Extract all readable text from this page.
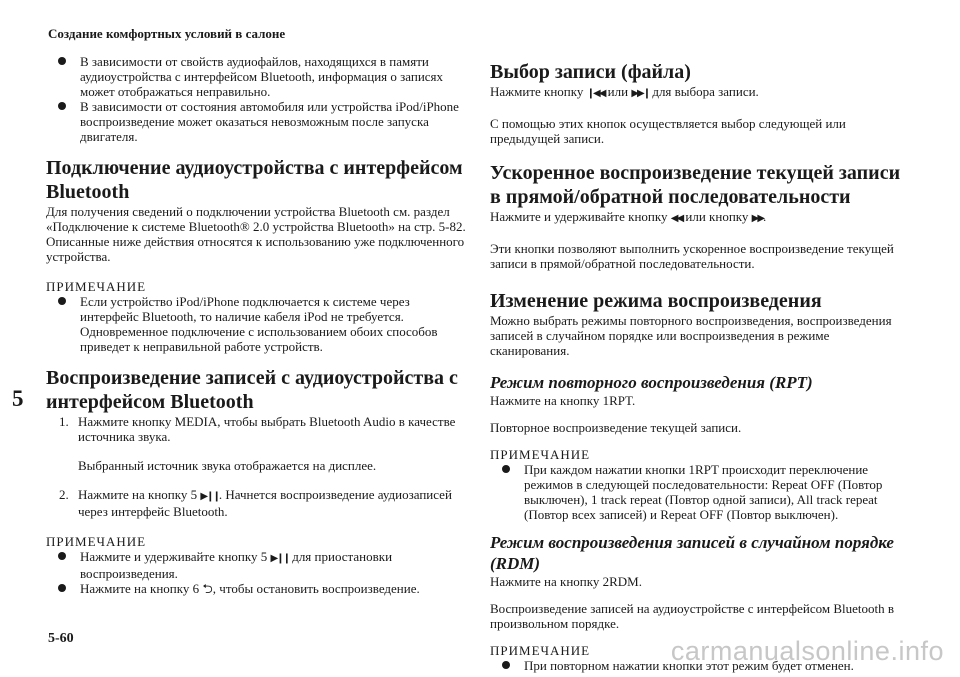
Создание комфортных условий в салоне
5
5-60	carmanualsonline.info

В зависимости от свойств аудиофайлов, находящихся в памяти аудиоустройства с интерфейсом Bluetooth, информация о записях может отображаться неправильно.

В зависимости от состояния автомобиля или устройства iPod/iPhone воспроизведение может оказаться невозможным после запуска двигателя.

Подключение аудиоустройства с интерфейсом Bluetooth

Для получения сведений о подключении устройства Bluetooth см. раздел «Подключение к системе Bluetooth® 2.0 устройства Bluetooth» на стр. 5-82.

Описанные ниже действия относятся к использованию уже подключенного устройства.

ПРИМЕЧАНИЕ

Если устройство iPod/iPhone подключается к системе через интерфейс Bluetooth, то наличие кабеля iPod не требуется. Одновременное подключение с использованием обоих способов приведет к неправильной работе устройств.

Воспроизведение записей с аудиоустройства с интерфейсом Bluetooth
1. Нажмите кнопку MEDIA, чтобы выбрать Bluetooth Audio в качестве источника звука.

Выбранный источник звука отображается на дисплее.

2. Нажмите на кнопку 5 ▶❙❙. Начнется воспроизведение аудиозаписей через интерфейс Bluetooth.

ПРИМЕЧАНИЕ

Нажмите и удерживайте кнопку 5 ▶❙❙ для приостановки воспроизведения.

Нажмите на кнопку 6 ⮌, чтобы остановить воспроизведение.

Выбор записи (файла)

Нажмите кнопку ❙◀◀ или ▶▶❙ для выбора записи.

С помощью этих кнопок осуществляется выбор следующей или предыдущей записи.

Ускоренное воспроизведение текущей записи в прямой/обратной последовательности

Нажмите и удерживайте кнопку ◀◀ или кнопку ▶▶.

Эти кнопки позволяют выполнить ускоренное воспроизведение текущей записи в прямой/обратной последовательности.

Изменение режима воспроизведения

Можно выбрать режимы повторного воспроизведения, воспроизведения записей в случайном порядке или воспроизведения в режиме сканирования.

Режим повторного воспроизведения (RPT)

Нажмите на кнопку 1RPT.

Повторное воспроизведение текущей записи.

ПРИМЕЧАНИЕ

При каждом нажатии кнопки 1RPT происходит переключение режимов в следующей последовательности: Repeat OFF (Повтор выключен), 1 track repeat (Повтор одной записи), All track repeat (Повтор всех записей) и Repeat OFF (Повтор выключен).

Режим воспроизведения записей в случайном порядке (RDM)

Нажмите на кнопку 2RDM.

Воспроизведение записей на аудиоустройстве с интерфейсом Bluetooth в произвольном порядке.

ПРИМЕЧАНИЕ

При повторном нажатии кнопки этот режим будет отменен.
